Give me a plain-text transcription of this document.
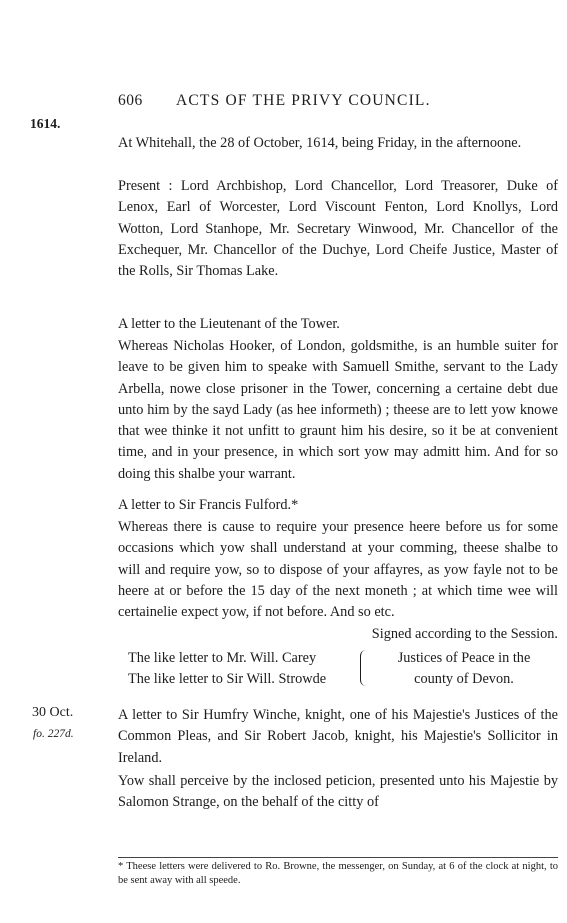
606 ACTS OF THE PRIVY COUNCIL.
1614.

At Whitehall, the 28 of October, 1614, being Friday, in the afternoone.

Present : Lord Archbishop, Lord Chancellor, Lord Treasorer, Duke of Lenox, Earl of Worcester, Lord Viscount Fenton, Lord Knollys, Lord Wotton, Lord Stanhope, Mr. Secretary Winwood, Mr. Chancellor of the Exchequer, Mr. Chancellor of the Duchye, Lord Cheife Justice, Master of the Rolls, Sir Thomas Lake.

A letter to the Lieutenant of the Tower.

Whereas Nicholas Hooker, of London, goldsmithe, is an humble suiter for leave to be given him to speake with Samuell Smithe, servant to the Lady Arbella, nowe close prisoner in the Tower, concerning a certaine debt due unto him by the sayd Lady (as hee informeth) ; theese are to lett yow knowe that wee thinke it not unfitt to graunt him his desire, so it be at convenient time, and in your presence, in which sort yow may admitt him. And for so doing this shalbe your warrant.

A letter to Sir Francis Fulford.*

Whereas there is cause to require your presence heere before us for some occasions which yow shall understand at your comming, theese shalbe to will and require yow, so to dispose of your affayres, as yow fayle not to be heere at or before the 15 day of the next moneth ; at which time wee will certainelie expect yow, if not before. And so etc.

Signed according to the Session.
The like letter to Mr. Will. Carey
The like letter to Sir Will. Strowde
Justices of Peace in the
county of Devon.
30 Oct.
fo. 227d.

A letter to Sir Humfry Winche, knight, one of his Majestie's Justices of the Common Pleas, and Sir Robert Jacob, knight, his Majestie's Sollicitor in Ireland.

Yow shall perceive by the inclosed peticion, presented unto his Majestie by Salomon Strange, on the behalf of the citty of

* Theese letters were delivered to Ro. Browne, the messenger, on Sunday, at 6 of the clock at night, to be sent away with all speede.
